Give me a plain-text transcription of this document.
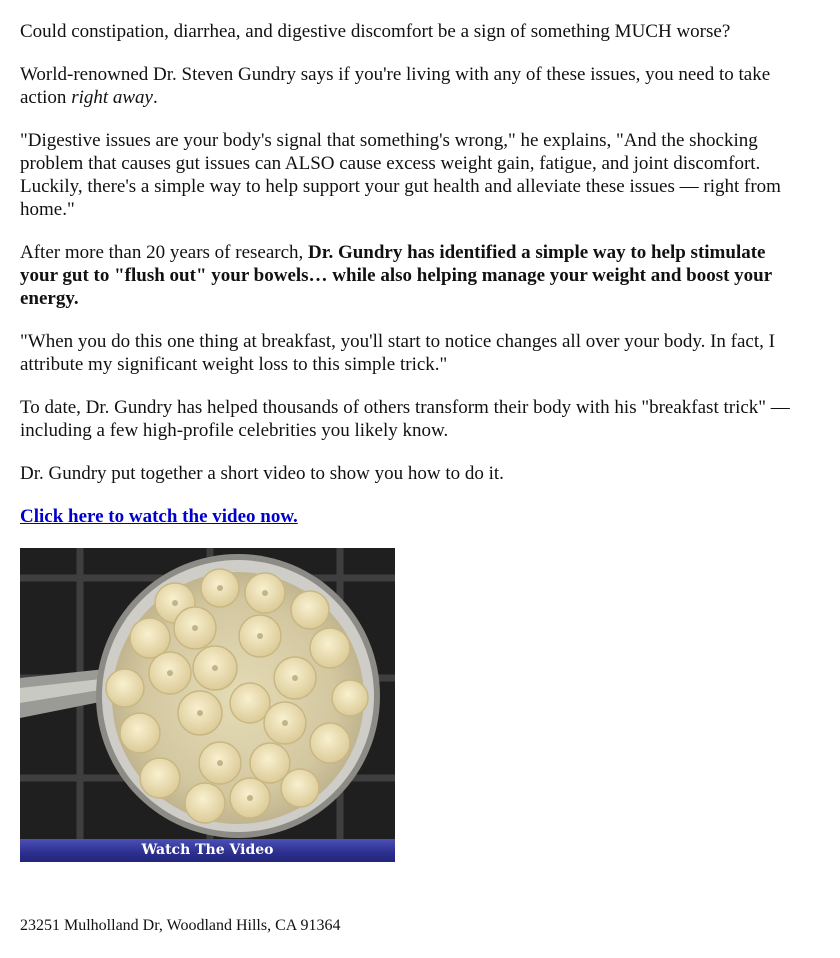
Could constipation, diarrhea, and digestive discomfort be a sign of something MUCH worse?

World-renowned Dr. Steven Gundry says if you're living with any of these issues, you need to take action right away.

"Digestive issues are your body's signal that something's wrong," he explains, "And the shocking problem that causes gut issues can ALSO cause excess weight gain, fatigue, and joint discomfort. Luckily, there's a simple way to help support your gut health and alleviate these issues — right from home."

After more than 20 years of research, Dr. Gundry has identified a simple way to help stimulate your gut to "flush out" your bowels… while also helping manage your weight and boost your energy.

"When you do this one thing at breakfast, you'll start to notice changes all over your body. In fact, I attribute my significant weight loss to this simple trick."

To date, Dr. Gundry has helped thousands of others transform their body with his "breakfast trick" — including a few high-profile celebrities you likely know.

Dr. Gundry put together a short video to show you how to do it.

Click here to watch the video now.

Watch The Video
23251 Mulholland Dr, Woodland Hills, CA 91364
